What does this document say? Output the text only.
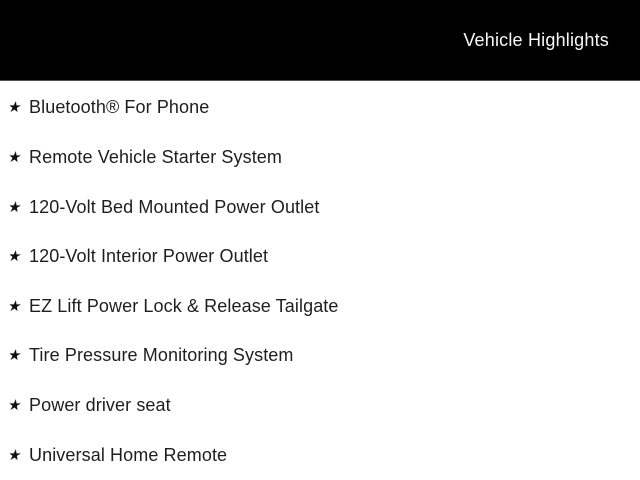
Vehicle Highlights
★ Bluetooth® For Phone
★ Remote Vehicle Starter System
★ 120-Volt Bed Mounted Power Outlet
★ 120-Volt Interior Power Outlet
★ EZ Lift Power Lock & Release Tailgate
★ Tire Pressure Monitoring System
★ Power driver seat
★ Universal Home Remote
